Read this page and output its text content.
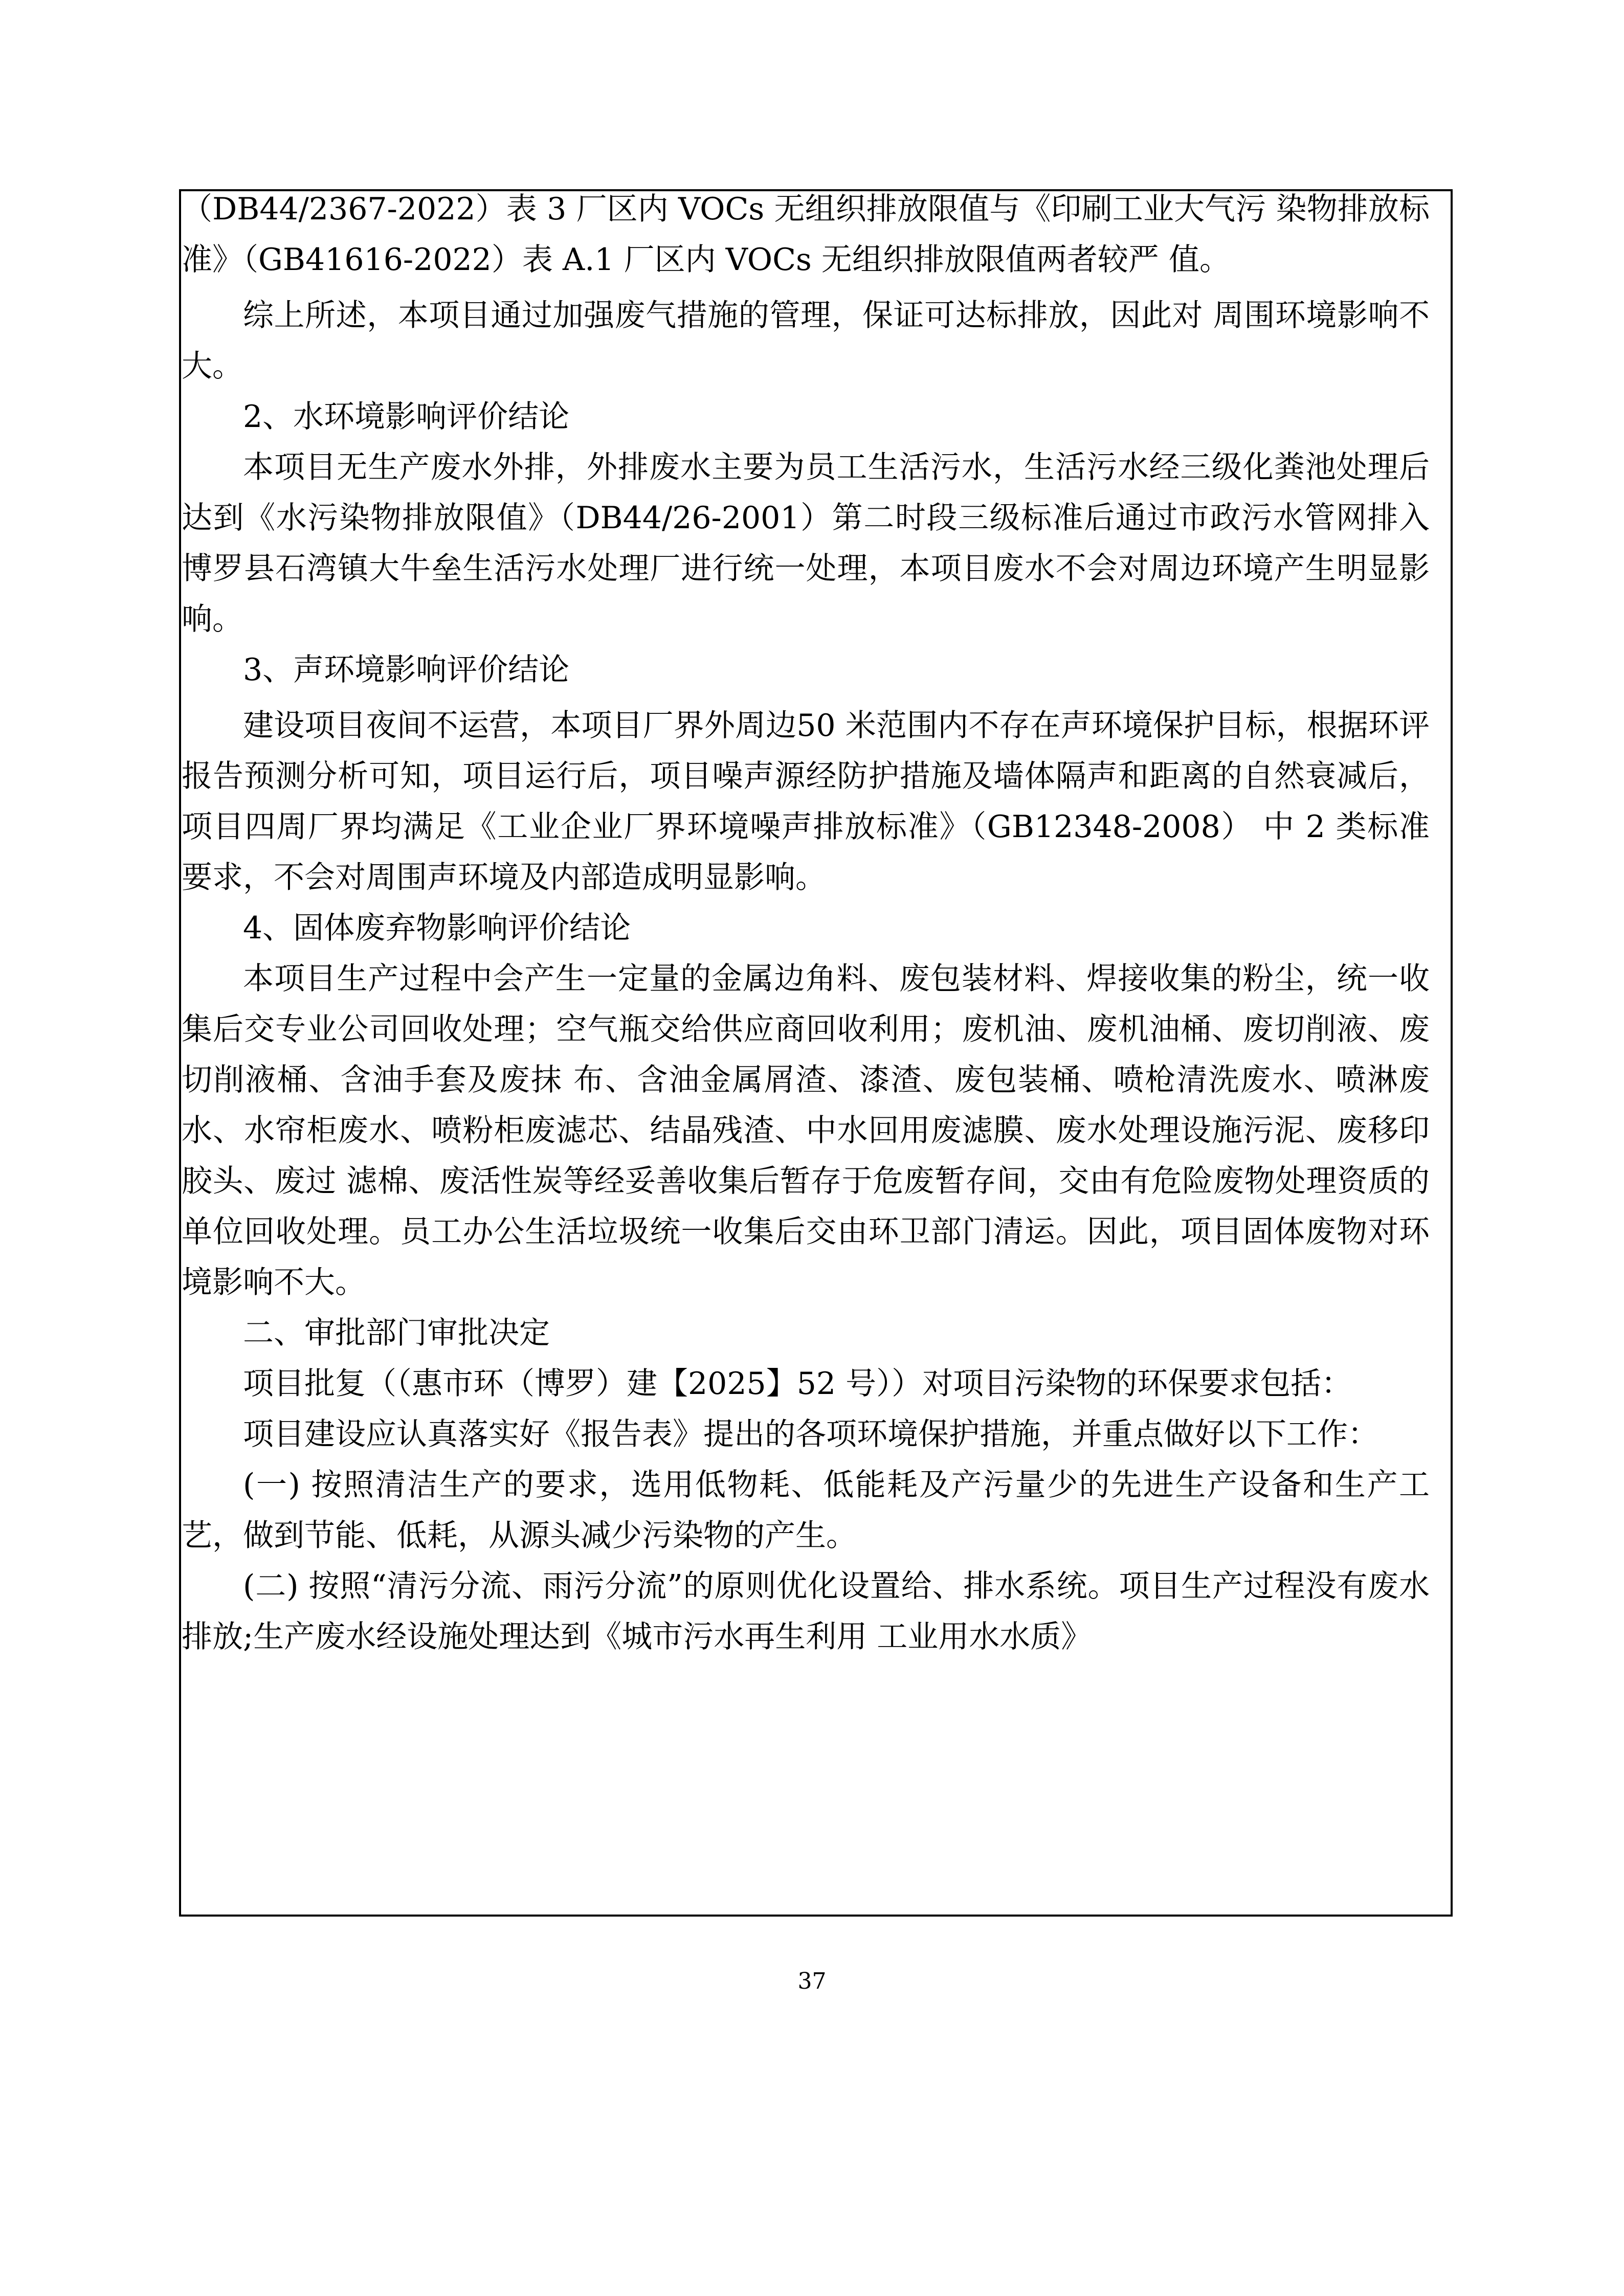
（DB44/2367-2022）表 3 厂区内 VOCs 无组织排放限值与《印刷工业大气污 染物排放标准》（GB41616-2022）表 A.1 厂区内 VOCs 无组织排放限值两者较严 值。

综上所述，本项目通过加强废气措施的管理，保证可达标排放，因此对 周围环境影响不大。

2、水环境影响评价结论

本项目无生产废水外排，外排废水主要为员工生活污水，生活污水经三级化粪池处理后达到《水污染物排放限值》（DB44/26-2001）第二时段三级标准后通过市政污水管网排入博罗县石湾镇大牛垒生活污水处理厂进行统一处理，本项目废水不会对周边环境产生明显影响。

3、声环境影响评价结论

建设项目夜间不运营，本项目厂界外周边50 米范围内不存在声环境保护目标，根据环评报告预测分析可知，项目运行后，项目噪声源经防护措施及墙体隔声和距离的自然衰减后，项目四周厂界均满足《工业企业厂界环境噪声排放标准》（GB12348-2008） 中 2 类标准要求，不会对周围声环境及内部造成明显影响。

4、固体废弃物影响评价结论

本项目生产过程中会产生一定量的金属边角料、废包装材料、焊接收集的粉尘，统一收集后交专业公司回收处理；空气瓶交给供应商回收利用；废机油、废机油桶、废切削液、废切削液桶、含油手套及废抹 布、含油金属屑渣、漆渣、废包装桶、喷枪清洗废水、喷淋废水、水帘柜废水、喷粉柜废滤芯、结晶残渣、中水回用废滤膜、废水处理设施污泥、废移印胶头、废过 滤棉、废活性炭等经妥善收集后暂存于危废暂存间，交由有危险废物处理资质的单位回收处理。员工办公生活垃圾统一收集后交由环卫部门清运。因此，项目固体废物对环境影响不大。

二、审批部门审批决定

项目批复（（惠市环（博罗）建【2025】52 号））对项目污染物的环保要求包括：

项目建设应认真落实好《报告表》提出的各项环境保护措施，并重点做好以下工作：

(一) 按照清洁生产的要求，选用低物耗、低能耗及产污量少的先进生产设备和生产工艺，做到节能、低耗，从源头减少污染物的产生。

(二) 按照“清污分流、雨污分流”的原则优化设置给、排水系统。项目生产过程没有废水排放;生产废水经设施处理达到《城市污水再生利用 工业用水水质》

37
